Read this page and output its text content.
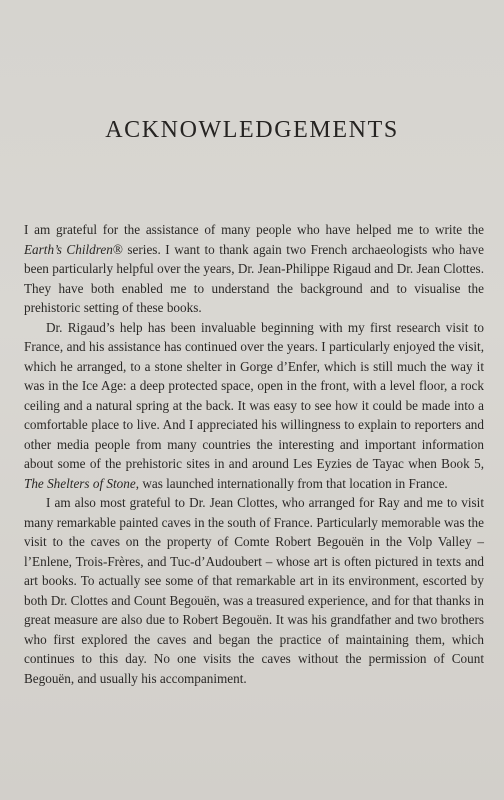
ACKNOWLEDGEMENTS

I am grateful for the assistance of many people who have helped me to write the Earth’s Children® series. I want to thank again two French archaeologists who have been particularly helpful over the years, Dr. Jean-Philippe Rigaud and Dr. Jean Clottes. They have both enabled me to understand the background and to visualise the prehistoric setting of these books.

Dr. Rigaud’s help has been invaluable beginning with my first research visit to France, and his assistance has continued over the years. I particularly enjoyed the visit, which he arranged, to a stone shelter in Gorge d’Enfer, which is still much the way it was in the Ice Age: a deep protected space, open in the front, with a level floor, a rock ceiling and a natural spring at the back. It was easy to see how it could be made into a comfortable place to live. And I appreciated his willingness to explain to reporters and other media people from many countries the interesting and important information about some of the prehistoric sites in and around Les Eyzies de Tayac when Book 5, The Shelters of Stone, was launched internationally from that location in France.

I am also most grateful to Dr. Jean Clottes, who arranged for Ray and me to visit many remarkable painted caves in the south of France. Particularly memorable was the visit to the caves on the property of Comte Robert Begouën in the Volp Valley – l’Enlene, Trois-Frères, and Tuc-d’Audoubert – whose art is often pictured in texts and art books. To actually see some of that remarkable art in its environment, escorted by both Dr. Clottes and Count Begouën, was a treasured experience, and for that thanks in great measure are also due to Robert Begouën. It was his grandfather and two brothers who first explored the caves and began the practice of maintaining them, which continues to this day. No one visits the caves without the permission of Count Begouën, and usually his accompaniment.
